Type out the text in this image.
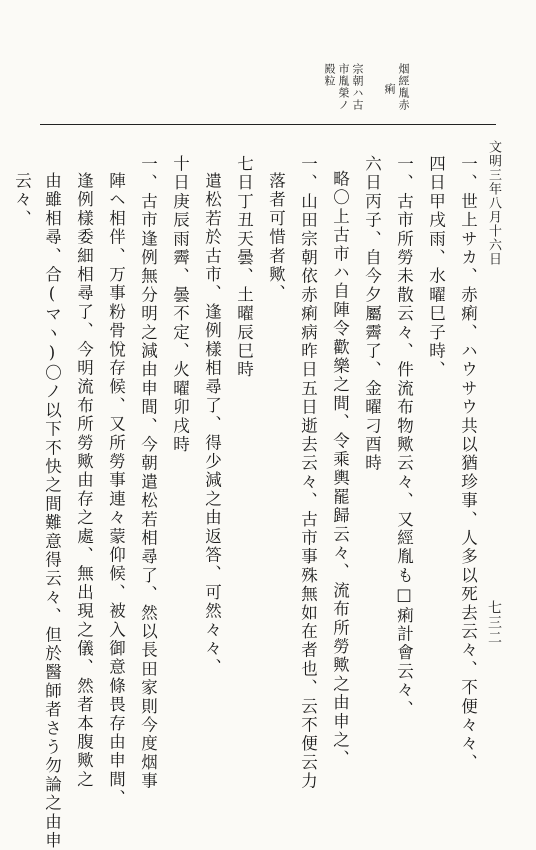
烟經胤赤
痢
宗朝ハ古
市胤榮ノ
殿粒
文明三年八月十六日
七三二
一、世上サカ、赤痢、ハウサウ共以猶珍事、人多以死去云々、不便々々、
四日甲戌雨、水曜巳子時、
一、古市所勞未散云々、件流布物歟云々、又經胤も□痢計會云々、
六日丙子、自今夕屬霽了、金曜刁酉時
略〇上古市ハ自陣令歡樂之間、令乘輿罷歸云々、流布所勞歟之由申之、
一、山田宗朝依赤痢病昨日五日逝去云々、古市事殊無如在者也、云不便云力
落者可惜者歟、
七日丁丑天曇、土曜辰巳時
遣松若於古市、逢例樣相尋了、得少減之由返答、可然々々、
十日庚辰雨霽、曇不定、火曜卯戌時
一、古市逢例無分明之減由申間、今朝遣松若相尋了、然以長田家則今度烟事
陣ヘ相伴、万事粉骨悅存候、又所勞事連々蒙仰候、被入御意條畏存由申間、
逢例樣委細相尋了、今明流布所勞歟由存之處、無出現之儀、然者本腹歟之
由雖相尋、合(マヽ)〇ノ以下不快之間難意得云々、但於醫師者さう勿論之由申
云々、
